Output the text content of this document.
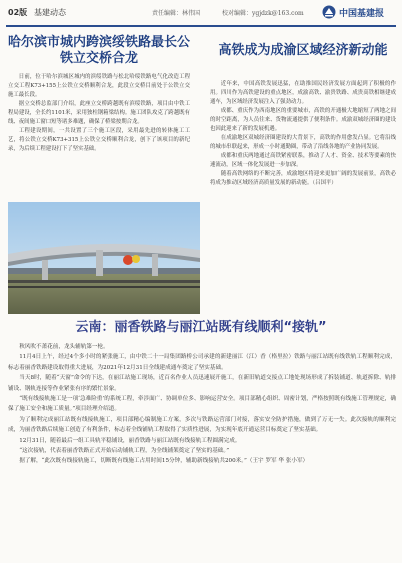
02版 基建动态	责任编辑：林伟国	校对编辑：ygjdzk@163.com	中国基建报
哈尔滨市城内跨滨绥铁路最长公铁立交桥合龙

日前，位于哈尔滨城区城内的滨绥铁路与松北哈绥铁路电气化改造工程立交工程K73+155上公铁立交桥顺利合龙，此段立交桥目前处于公铁立交施工最长段。

据立交桥总监部门介绍，此座立交桥跨越既有滨绥铁路，项目由中铁工程局建设，全长约1101米，采用独柱钢箱梁结构。施工团队攻克了跨越既有线、夜间施工窗口短等诸多难题，确保了桥梁按期合龙。

工程建设期间，一共设置了三个施工区段，采用最先进的转体施工工艺，将公铁立交桥K73+315上公铁立交桥顺利合龙，创下了该项目的新纪录，为后续工程建设打下了坚实基础。

高铁成为成渝区域经济新动能

近年来，中国高铁发展迅猛，在助推国民经济发展方面起到了积极的作用。四川作为高铁建设的重点地区，成渝高铁、渝贵铁路、成贵高铁相继建成通车，为区域经济发展注入了强劲动力。

成都、重庆作为西南地区的重要城市，高铁的开通极大地缩短了两地之间的时空距离，为人员往来、货物流通提供了便利条件。成渝双城经济圈的建设也因此迎来了新的发展机遇。

在成渝地区双城经济圈建设的大背景下，高铁的作用愈发凸显。它将沿线的城市串联起来，形成一小时通勤圈，带动了沿线各地的产业协同发展。

成都和重庆两地通过高铁紧密联系，推动了人才、资金、技术等要素的快速流动，区域一体化发展进一步加深。

随着高铁网络的不断完善，成渝地区将迎来更加广阔的发展前景，高铁必将成为推动区域经济高质量发展的新动能。（吕国平）

云南：丽香铁路与丽江站既有线顺利“接轨”

秋风吹不萧花前，龙头辅轨第一枪。

11月4日上午，经过4个多小时的紧张施工，由中铁二十一局集团路桥公司承建的新建丽江（江）香（格里拉）铁路与丽江站既有线铁轨工程顺利完成，标志着丽香铁路建设取得重大进展，为2021年12月31日全线建成通车奠定了坚实基础。

当天8时，随着“天窗”命令的下达，在丽江站施工现场，近百名作业人员迅速展开施工，在新旧轨道交接点工地处现场形成了拆装铺道、轨道拆除、轨排铺设、钢轨连接等作业紧张有序的繁忙景象。

“既有线接轨施工是一项‘急难险重’的系统工程，牵涉面广、协调单位多、影响运营安全。项目部精心组织、周密计划，严格按照既有线施工管理规定，确保了施工安全和施工质量。”项目经理介绍道。

为了顺利完成丽江站既有线接轨施工，项目部精心编制施工方案，多次与铁路运营部门对接，落实安全防护措施，做到了万无一失。此次接轨的顺利完成，为丽香铁路后续施工创造了有利条件，标志着全线铺轨工程取得了实质性进展，为实现年底开通运营目标奠定了坚实基础。

12月31日，随着最后一组工具轨平稳铺设，丽香铁路与丽江站既有线接轨工程圆满完成。

“这次接轨，代表着丽香铁路正式开始启动铺轨工程，为全线铺架奠定了坚实的基础。”

据了解，“此次既有线接轨施工，切断既有线施工占用时间15分钟，辅助新线接轨共200米。”（王宇 罗军 华 张小军）
